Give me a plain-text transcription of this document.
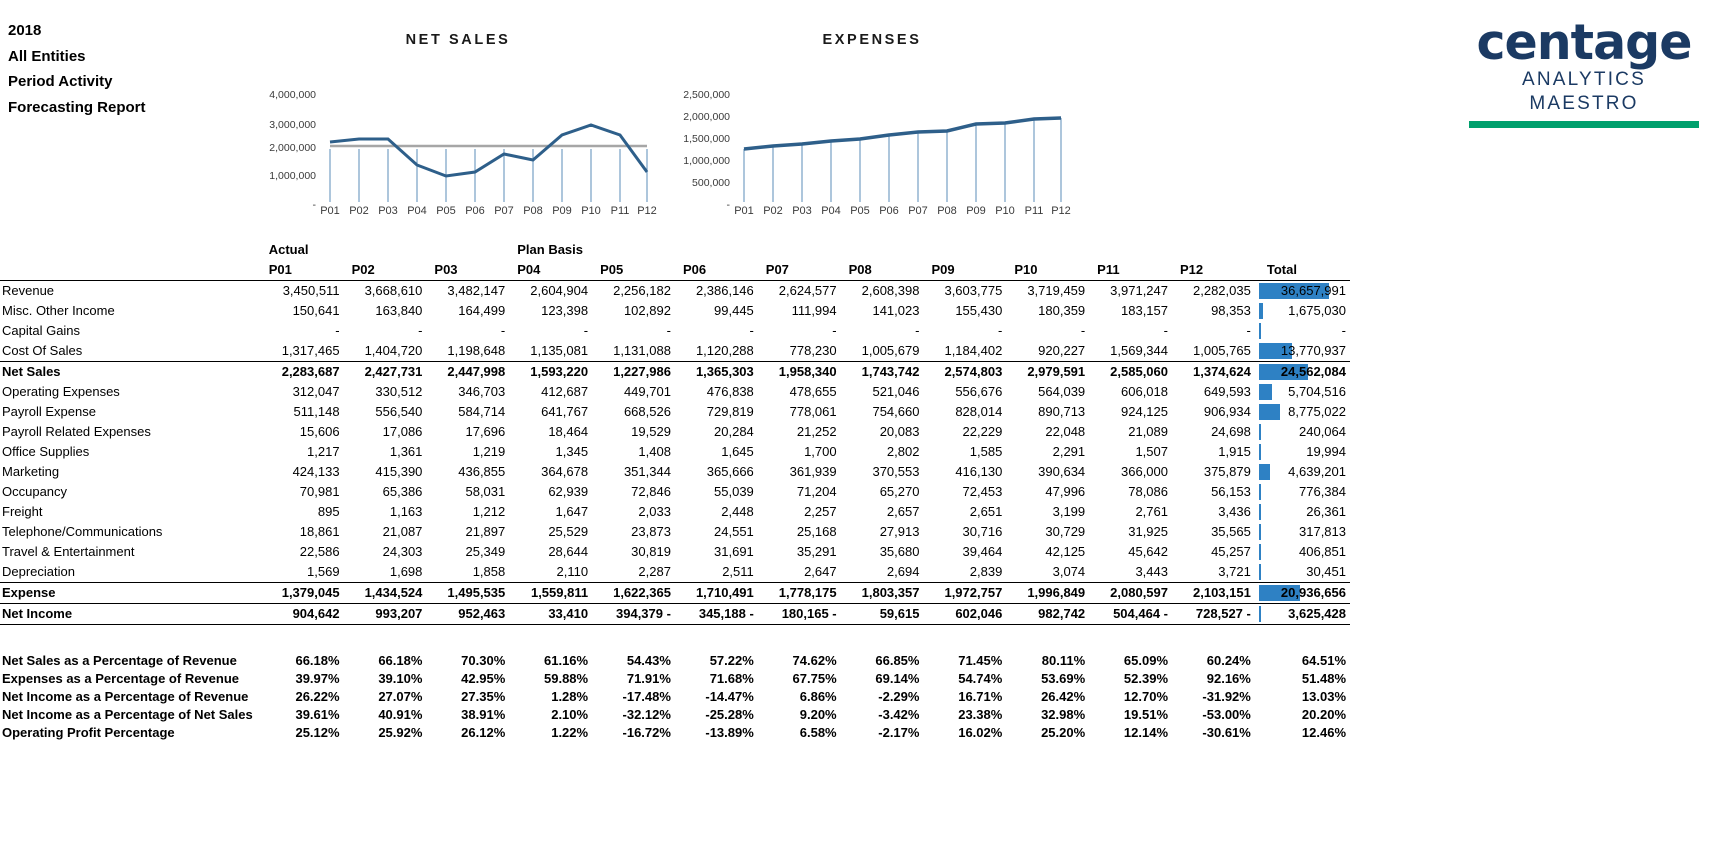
2018
All Entities
Period Activity
Forecasting Report
centage
ANALYTICS MAESTRO
NET SALES
4,000,000
3,000,000
2,000,000
1,000,000
- P01 P02 P03 P04 P05 P06 P07 P08 P09 P10 P11 P12
EXPENSES
2,500,000
2,000,000
1,500,000
1,000,000
500,000
- P01 P02 P03 P04 P05 P06 P07 P08 P09 P10 P11 P12
	Actual			Plan Basis									
	P01	P02	P03	P04	P05	P06	P07	P08	P09	P10	P11	P12	Total
Revenue	3,450,511	3,668,610	3,482,147	2,604,904	2,256,182	2,386,146	2,624,577	2,608,398	3,603,775	3,719,459	3,971,247	2,282,035	36,657,991
Misc. Other Income	150,641	163,840	164,499	123,398	102,892	99,445	111,994	141,023	155,430	180,359	183,157	98,353	1,675,030
Capital Gains	-	-	-	-	-	-	-	-	-	-	-	-	-
Cost Of Sales	1,317,465	1,404,720	1,198,648	1,135,081	1,131,088	1,120,288	778,230	1,005,679	1,184,402	920,227	1,569,344	1,005,765	13,770,937
Net Sales	2,283,687	2,427,731	2,447,998	1,593,220	1,227,986	1,365,303	1,958,340	1,743,742	2,574,803	2,979,591	2,585,060	1,374,624	24,562,084
Operating Expenses	312,047	330,512	346,703	412,687	449,701	476,838	478,655	521,046	556,676	564,039	606,018	649,593	5,704,516
Payroll Expense	511,148	556,540	584,714	641,767	668,526	729,819	778,061	754,660	828,014	890,713	924,125	906,934	8,775,022
Payroll Related Expenses	15,606	17,086	17,696	18,464	19,529	20,284	21,252	20,083	22,229	22,048	21,089	24,698	240,064
Office Supplies	1,217	1,361	1,219	1,345	1,408	1,645	1,700	2,802	1,585	2,291	1,507	1,915	19,994
Marketing	424,133	415,390	436,855	364,678	351,344	365,666	361,939	370,553	416,130	390,634	366,000	375,879	4,639,201
Occupancy	70,981	65,386	58,031	62,939	72,846	55,039	71,204	65,270	72,453	47,996	78,086	56,153	776,384
Freight	895	1,163	1,212	1,647	2,033	2,448	2,257	2,657	2,651	3,199	2,761	3,436	26,361
Telephone/Communications	18,861	21,087	21,897	25,529	23,873	24,551	25,168	27,913	30,716	30,729	31,925	35,565	317,813
Travel & Entertainment	22,586	24,303	25,349	28,644	30,819	31,691	35,291	35,680	39,464	42,125	45,642	45,257	406,851
Depreciation	1,569	1,698	1,858	2,110	2,287	2,511	2,647	2,694	2,839	3,074	3,443	3,721	30,451
Expense	1,379,045	1,434,524	1,495,535	1,559,811	1,622,365	1,710,491	1,778,175	1,803,357	1,972,757	1,996,849	2,080,597	2,103,151	20,936,656
Net Income	904,642	993,207	952,463	33,410	394,379 -	345,188 -	180,165 -	59,615	602,046	982,742	504,464 -	728,527 -	3,625,428

Net Sales as a Percentage of Revenue	66.18%	66.18%	70.30%	61.16%	54.43%	57.22%	74.62%	66.85%	71.45%	80.11%	65.09%	60.24%	64.51%
Expenses as a Percentage of Revenue	39.97%	39.10%	42.95%	59.88%	71.91%	71.68%	67.75%	69.14%	54.74%	53.69%	52.39%	92.16%	51.48%
Net Income as a Percentage of Revenue	26.22%	27.07%	27.35%	1.28%	-17.48%	-14.47%	6.86%	-2.29%	16.71%	26.42%	12.70%	-31.92%	13.03%
Net Income as a Percentage of Net Sales	39.61%	40.91%	38.91%	2.10%	-32.12%	-25.28%	9.20%	-3.42%	23.38%	32.98%	19.51%	-53.00%	20.20%
Operating Profit Percentage	25.12%	25.92%	26.12%	1.22%	-16.72%	-13.89%	6.58%	-2.17%	16.02%	25.20%	12.14%	-30.61%	12.46%
